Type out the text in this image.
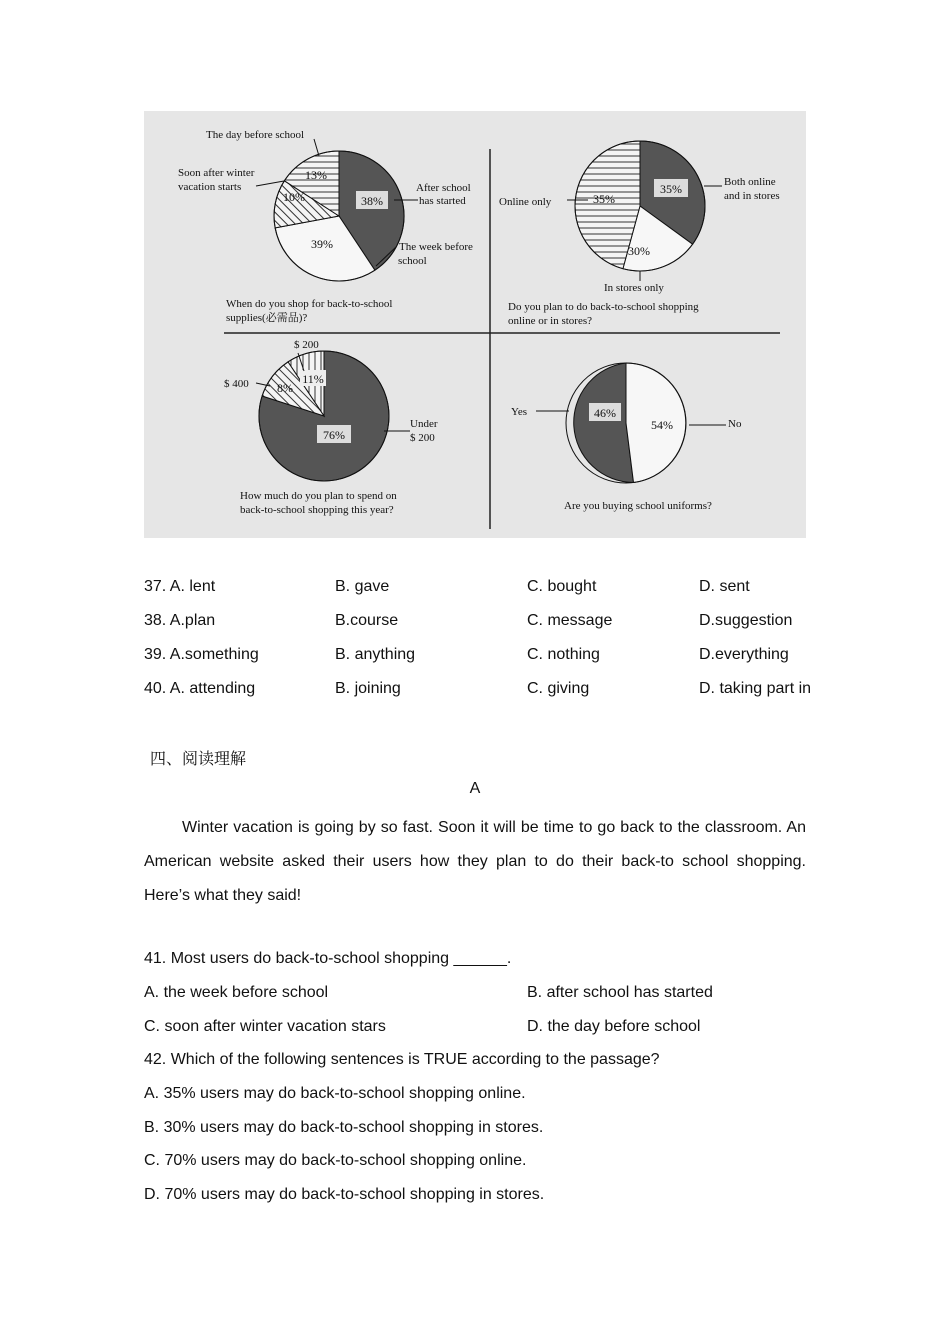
38%
39%
10%
13%
After school
has started
The week before
school
Soon after winter
vacation starts
The day before school
When do you shop for back-to-school
supplies(必需品)?
35%
30%
35%
Online only
Both online
and in stores
In stores only
Do you plan to do back-to-school shopping
online or in stores?
76%
8%
11%
$ 200
$ 400
Under
$ 200
How much do you plan to spend on
back-to-school shopping this year?
46%
54%
Yes
No
Are you buying school uniforms?
37. A. lent	B. gave	C. bought	D. sent
38. A.plan	B.course	C. message	D.suggestion
39. A.something	B. anything	C. nothing	D.everything
40. A. attending	B. joining	C. giving	D. taking part in
四、阅读理解
A

Winter vacation is going by so fast. Soon it will be time to go back to the classroom. An American website asked their users how they plan to do their back-to school shopping. Here’s what they said!

41. Most users do back-to-school shopping ______.
A. the week before school	B. after school has started
C. soon after winter vacation stars	D. the day before school
42. Which of the following sentences is TRUE according to the passage?
A. 35% users may do back-to-school shopping online.
B. 30% users may do back-to-school shopping in stores.
C. 70% users may do back-to-school shopping online.
D. 70% users may do back-to-school shopping in stores.
